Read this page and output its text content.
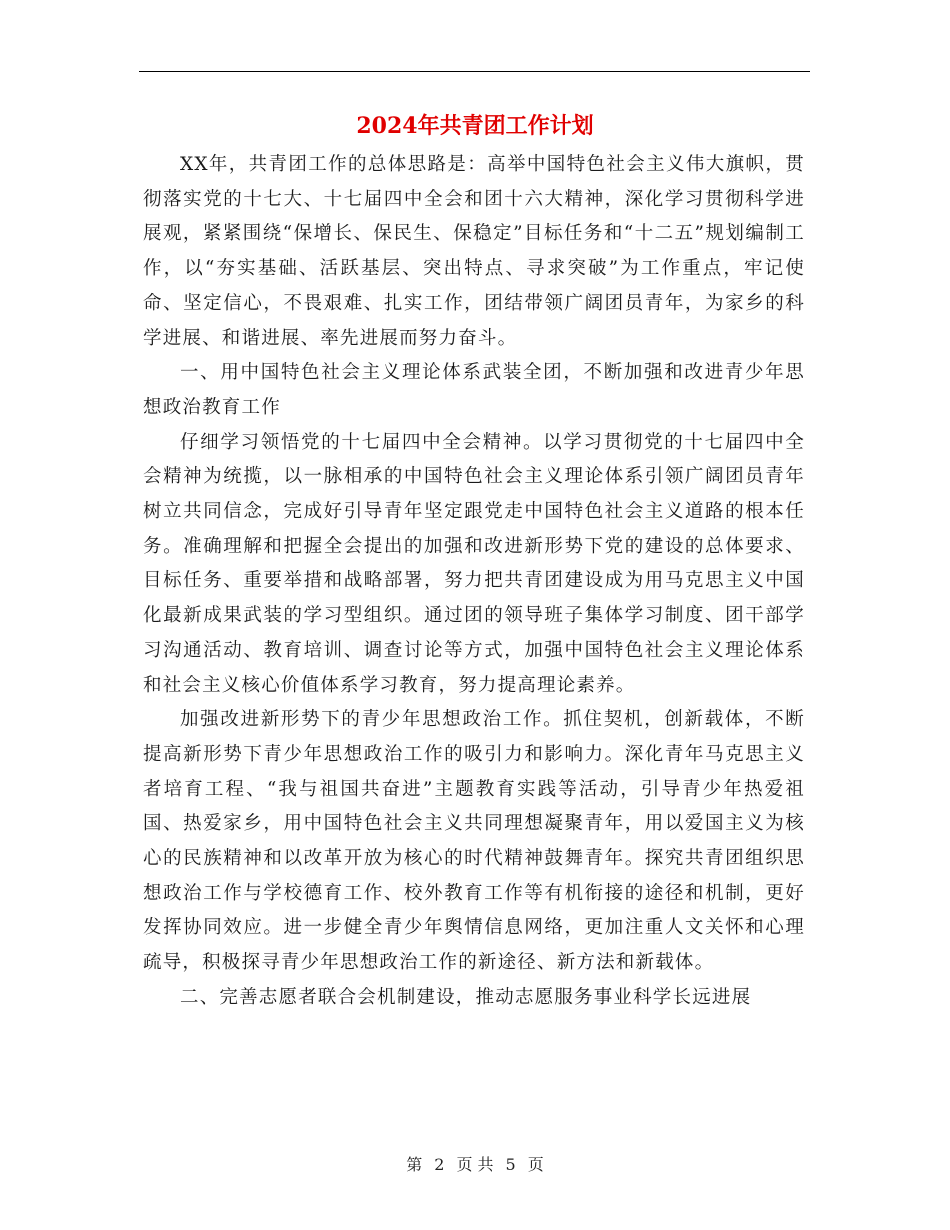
2024年共青团工作计划

XX年，共青团工作的总体思路是：高举中国特色社会主义伟大旗帜，贯彻落实党的十七大、十七届四中全会和团十六大精神，深化学习贯彻科学进展观，紧紧围绕“保增长、保民生、保稳定”目标任务和“十二五”规划编制工作，以“夯实基础、活跃基层、突出特点、寻求突破”为工作重点，牢记使命、坚定信心，不畏艰难、扎实工作，团结带领广阔团员青年，为家乡的科学进展、和谐进展、率先进展而努力奋斗。

一、用中国特色社会主义理论体系武装全团，不断加强和改进青少年思想政治教育工作

仔细学习领悟党的十七届四中全会精神。以学习贯彻党的十七届四中全会精神为统揽，以一脉相承的中国特色社会主义理论体系引领广阔团员青年树立共同信念，完成好引导青年坚定跟党走中国特色社会主义道路的根本任务。准确理解和把握全会提出的加强和改进新形势下党的建设的总体要求、目标任务、重要举措和战略部署，努力把共青团建设成为用马克思主义中国化最新成果武装的学习型组织。通过团的领导班子集体学习制度、团干部学习沟通活动、教育培训、调查讨论等方式，加强中国特色社会主义理论体系和社会主义核心价值体系学习教育，努力提高理论素养。

加强改进新形势下的青少年思想政治工作。抓住契机，创新载体，不断提高新形势下青少年思想政治工作的吸引力和影响力。深化青年马克思主义者培育工程、“我与祖国共奋进”主题教育实践等活动，引导青少年热爱祖国、热爱家乡，用中国特色社会主义共同理想凝聚青年，用以爱国主义为核心的民族精神和以改革开放为核心的时代精神鼓舞青年。探究共青团组织思想政治工作与学校德育工作、校外教育工作等有机衔接的途径和机制，更好发挥协同效应。进一步健全青少年舆情信息网络，更加注重人文关怀和心理疏导，积极探寻青少年思想政治工作的新途径、新方法和新载体。

二、完善志愿者联合会机制建设，推动志愿服务事业科学长远进展

第 2 页 共 5 页
